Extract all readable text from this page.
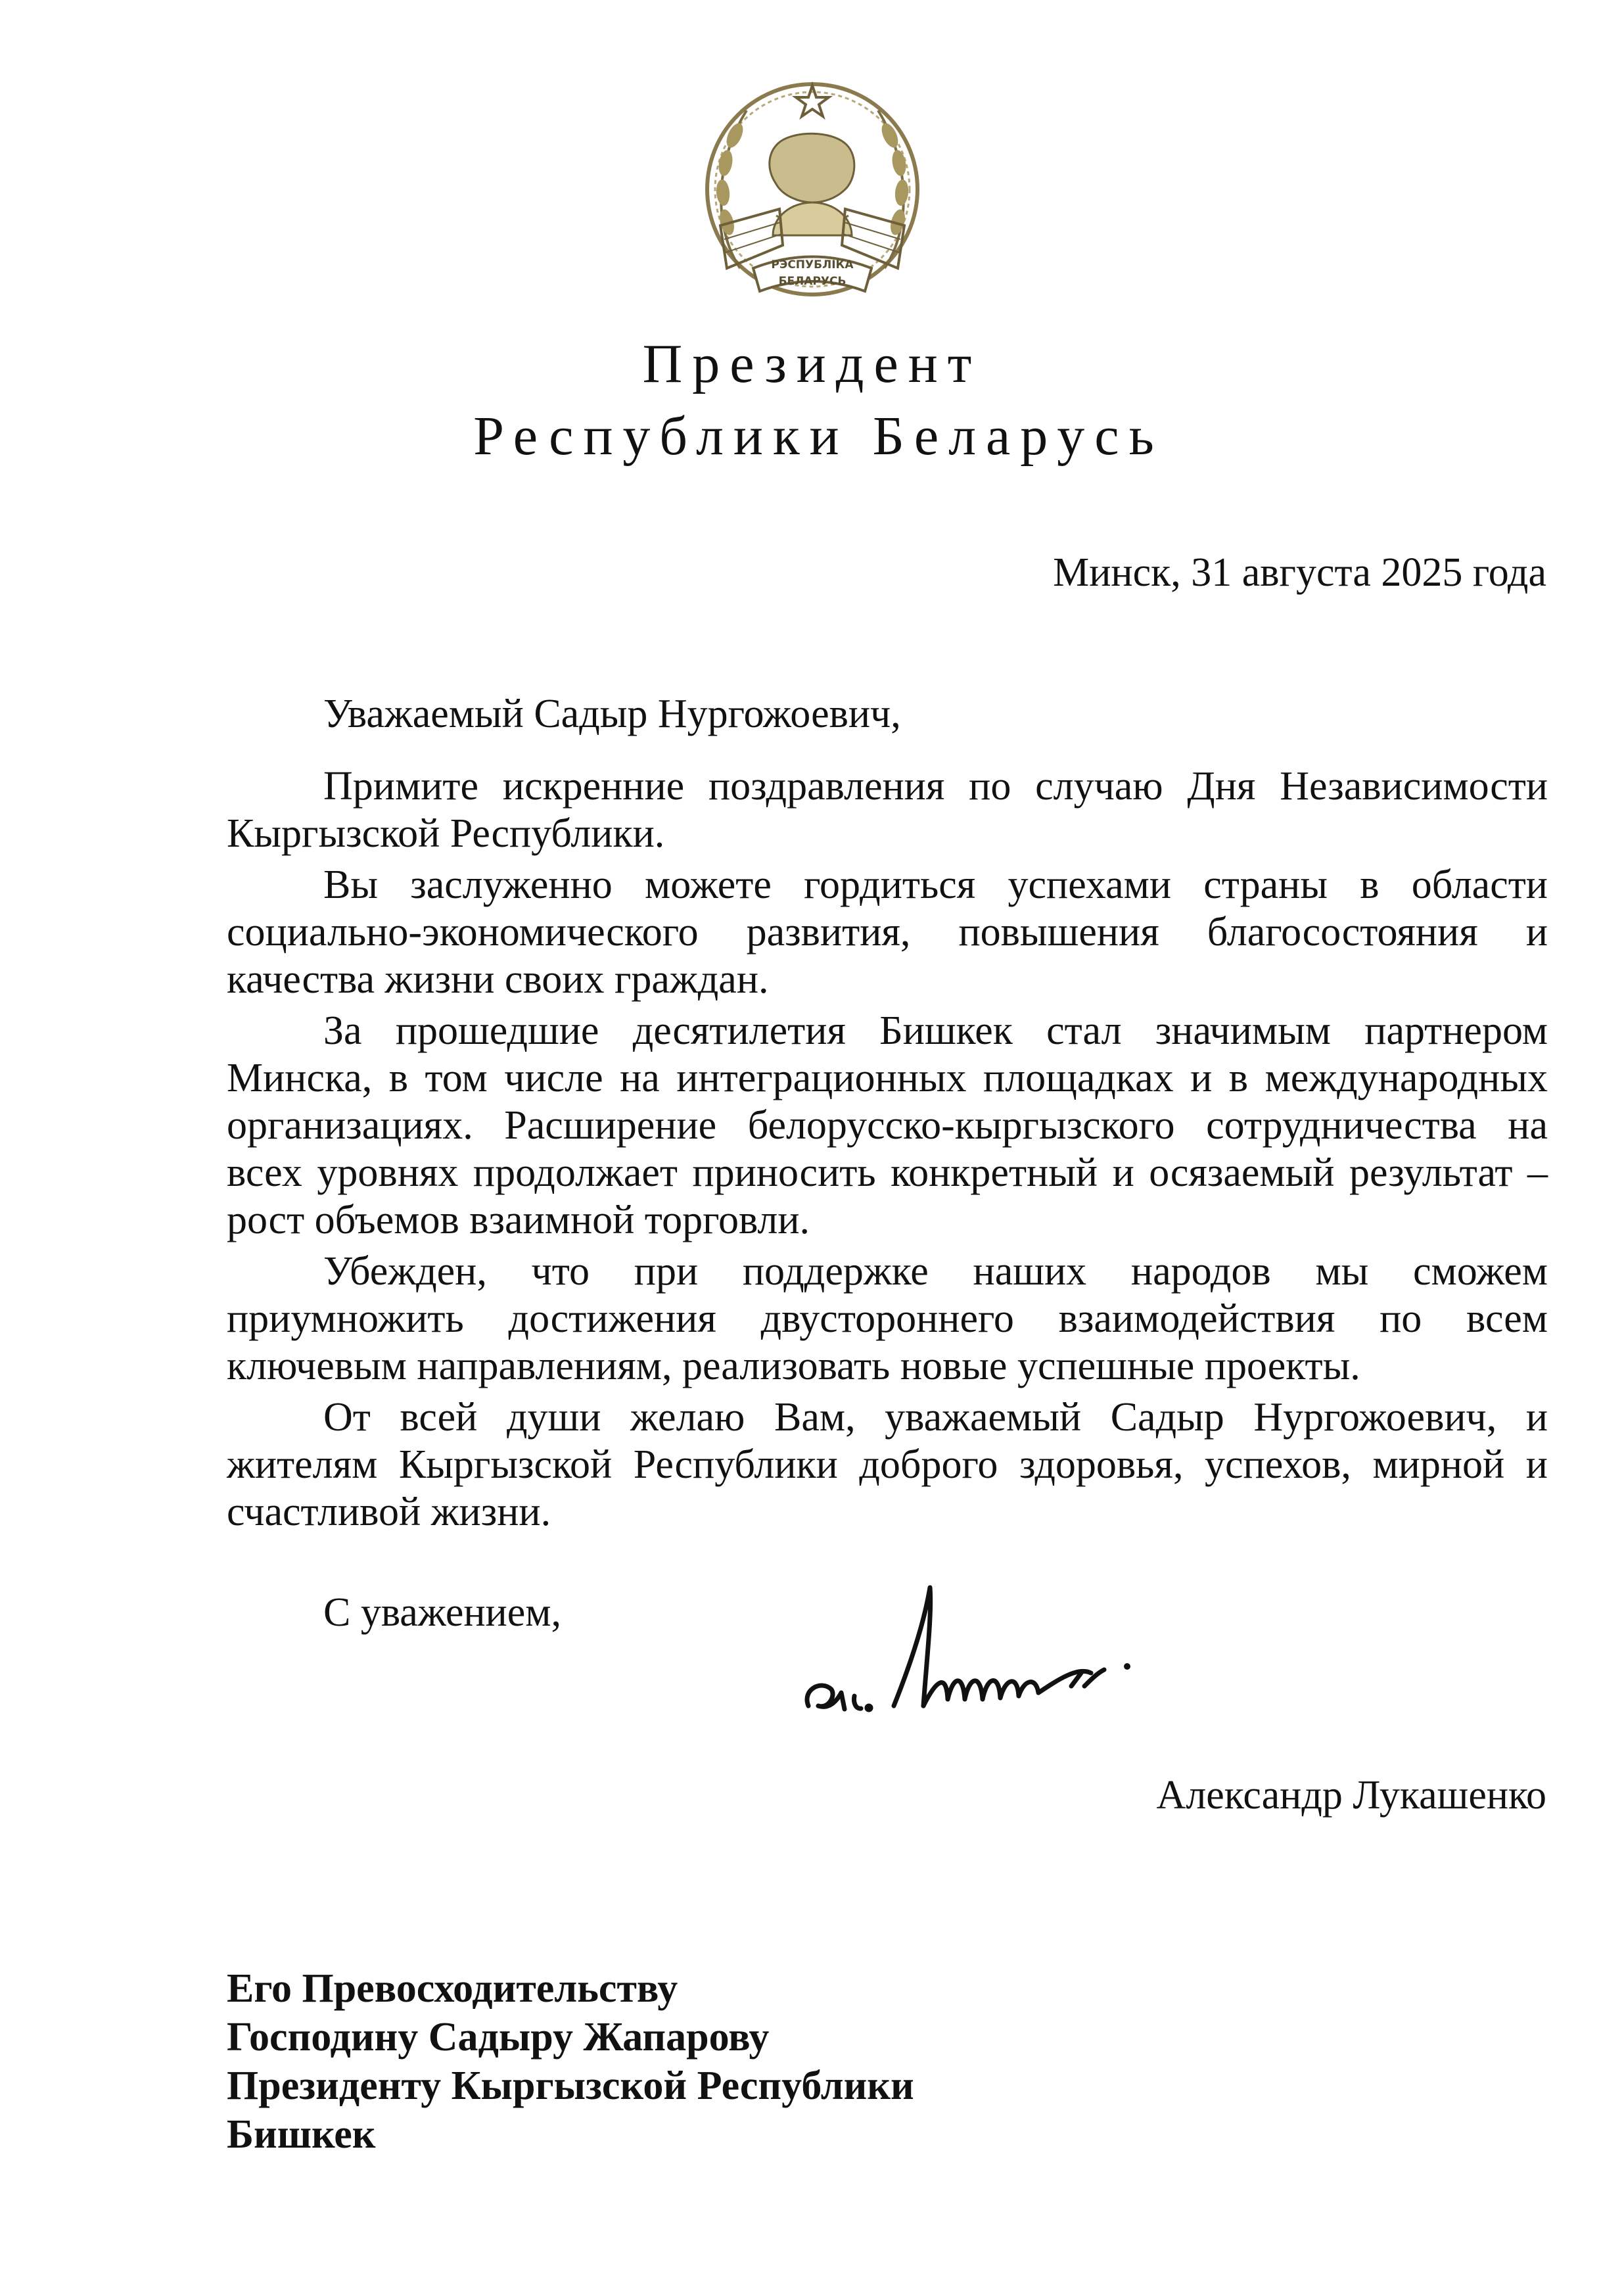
РЭСПУБЛІКА
БЕЛАРУСЬ
Президент
Республики Беларусь
Минск, 31 августа 2025 года
Уважаемый Садыр Нургожоевич,

Примите искренние поздравления по случаю Дня Независимости Кыргызской Республики.

Вы заслуженно можете гордиться успехами страны в области социально-экономического развития, повышения благосостояния и качества жизни своих граждан.

За прошедшие десятилетия Бишкек стал значимым партнером Минска, в том числе на интеграционных площадках и в международных организациях. Расширение белорусско-кыргызского сотрудничества на всех уровнях продолжает приносить конкретный и осязаемый результат – рост объемов взаимной торговли.

Убежден, что при поддержке наших народов мы сможем приумножить достижения двустороннего взаимодействия по всем ключевым направлениям, реализовать новые успешные проекты.

От всей души желаю Вам, уважаемый Садыр Нургожоевич, и жителям Кыргызской Республики доброго здоровья, успехов, мирной и счастливой жизни.

С уважением,
Александр Лукашенко
Его Превосходительству
Господину Садыру Жапарову
Президенту Кыргызской Республики
Бишкек
